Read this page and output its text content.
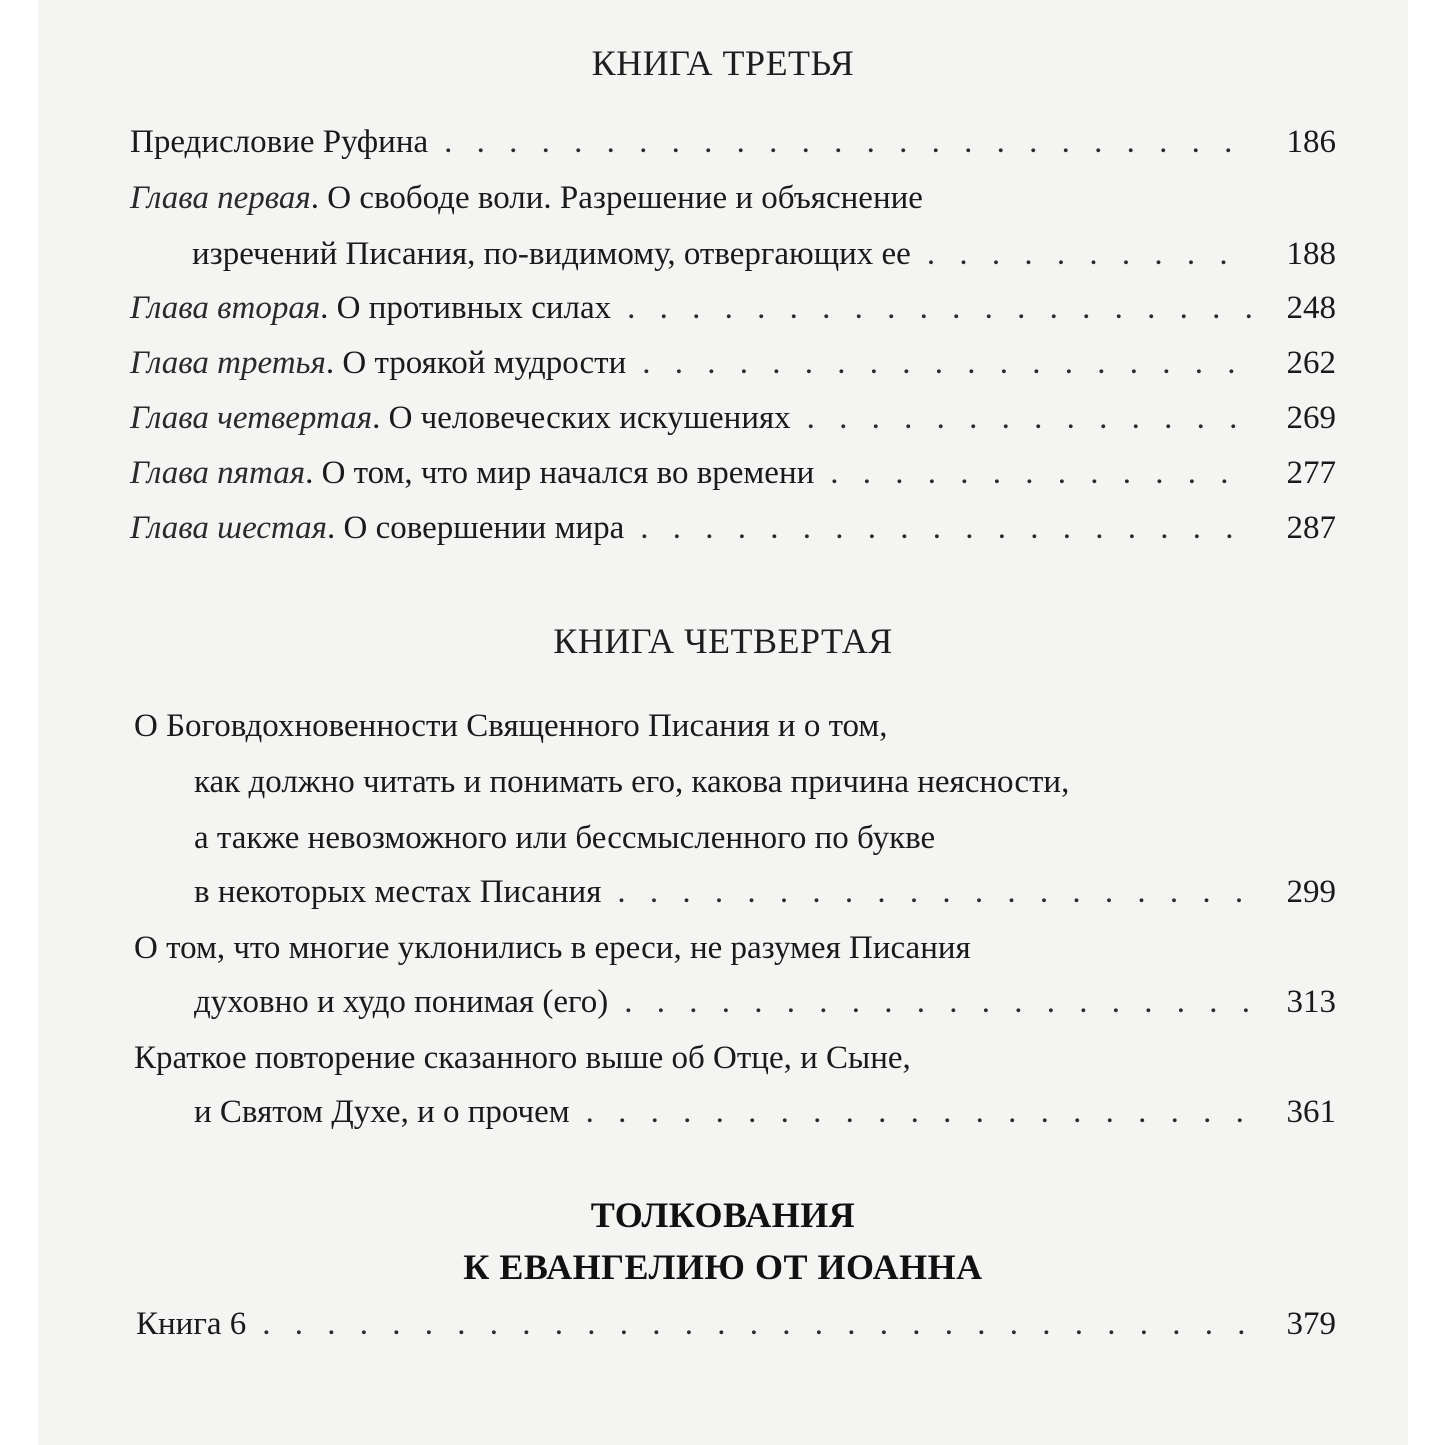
КНИГА ТРЕТЬЯ
Предисловие Руфина . . .	186
Глава первая. О свободе воли. Разрешение и объяснение
изречений Писания, по-видимому, отвергающих ее . . .	188
Глава вторая. О противных силах . . .	248
Глава третья. О троякой мудрости . . .	262
Глава четвертая. О человеческих искушениях . . .	269
Глава пятая. О том, что мир начался во времени . . .	277
Глава шестая. О совершении мира . . .	287
КНИГА ЧЕТВЕРТАЯ
О Боговдохновенности Священного Писания и о том,
как должно читать и понимать его, какова причина неясности,
а также невозможного или бессмысленного по букве
в некоторых местах Писания . . .	299
О том, что многие уклонились в ереси, не разумея Писания
духовно и худо понимая (его) . . .	313
Краткое повторение сказанного выше об Отце, и Сыне,
и Святом Духе, и о прочем . . .	361
ТОЛКОВАНИЯ
К ЕВАНГЕЛИЮ ОТ ИОАННА
Книга 6 . . .	379
